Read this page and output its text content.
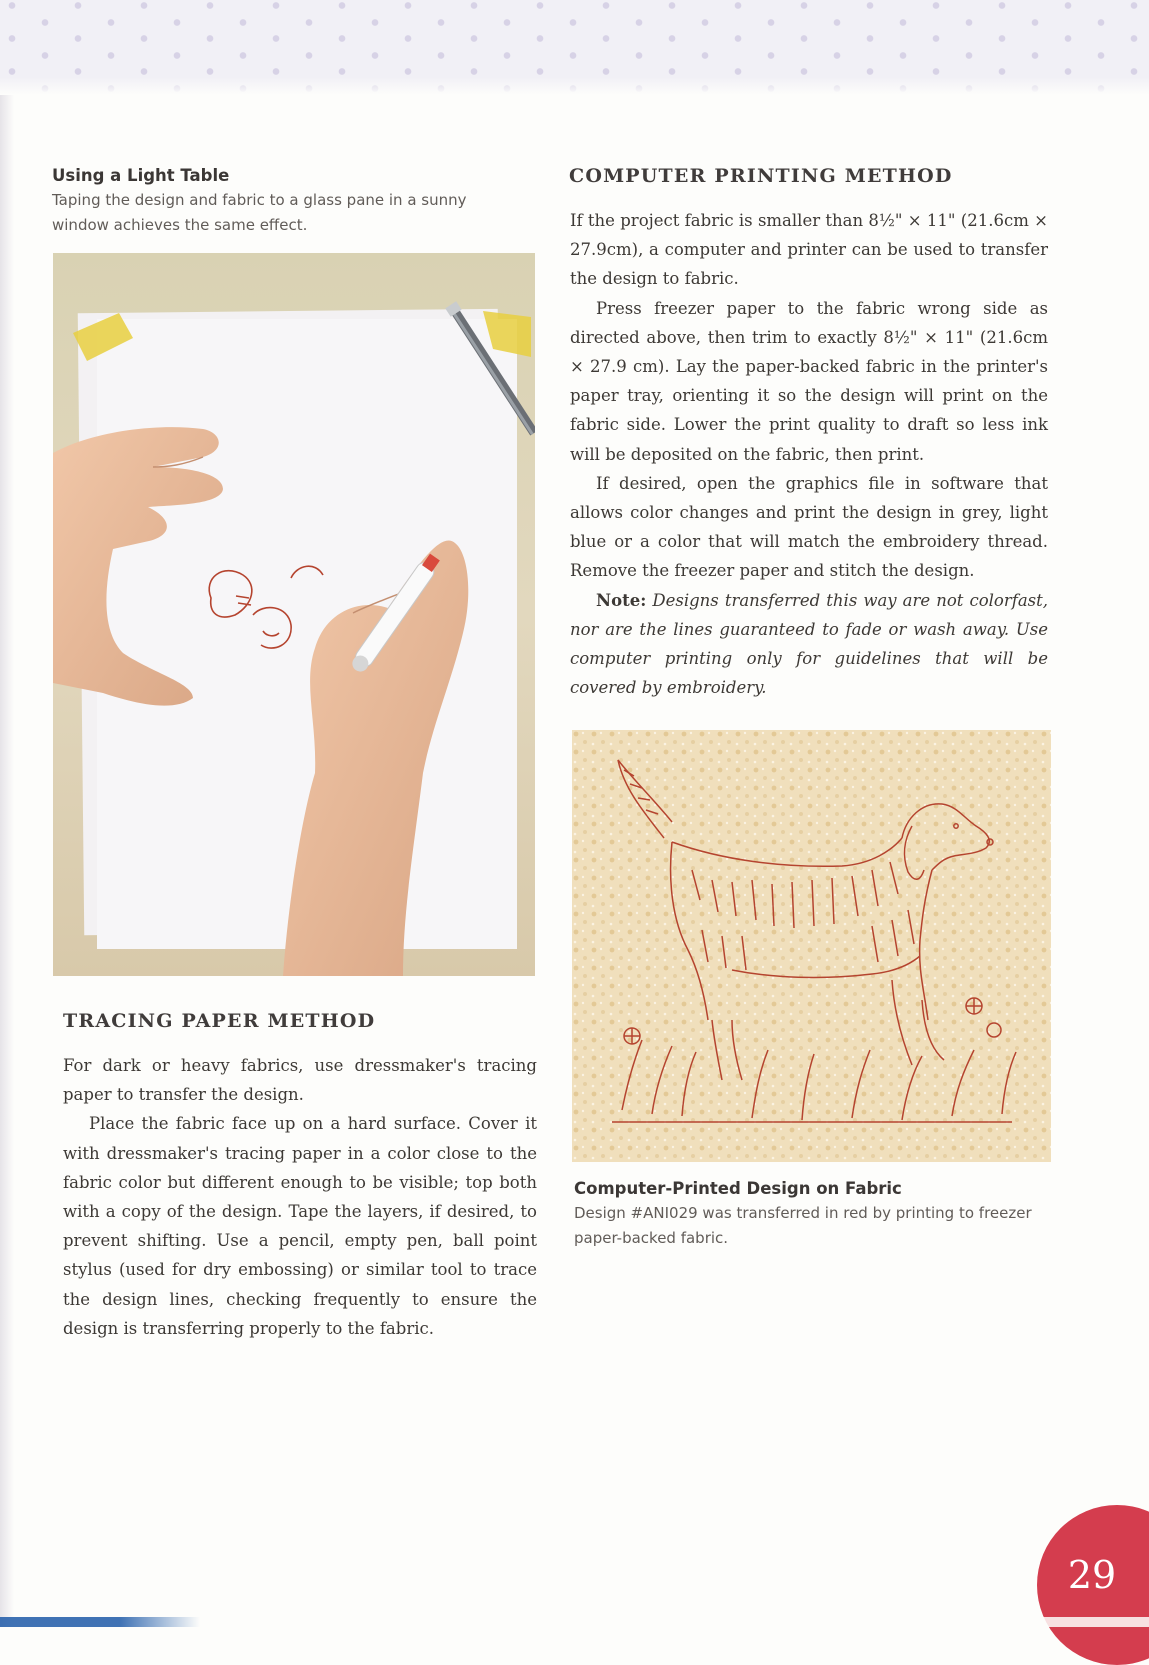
Using a Light Table

Taping the design and fabric to a glass pane in a sunny window achieves the same effect.

TRACING PAPER METHOD

For dark or heavy fabrics, use dressmaker's tracing paper to transfer the design.

Place the fabric face up on a hard surface. Cover it with dressmaker's tracing paper in a color close to the fabric color but different enough to be visible; top both with a copy of the design. Tape the layers, if desired, to prevent shifting. Use a pencil, empty pen, ball point stylus (used for dry embossing) or similar tool to trace the design lines, checking frequently to ensure the design is transferring properly to the fabric.

COMPUTER PRINTING METHOD

If the project fabric is smaller than 8½" × 11" (21.6cm × 27.9cm), a computer and printer can be used to transfer the design to fabric.

Press freezer paper to the fabric wrong side as directed above, then trim to exactly 8½" × 11" (21.6cm × 27.9 cm). Lay the paper-backed fabric in the printer's paper tray, orienting it so the design will print on the fabric side. Lower the print quality to draft so less ink will be deposited on the fabric, then print.

If desired, open the graphics file in software that allows color changes and print the design in grey, light blue or a color that will match the embroidery thread. Remove the freezer paper and stitch the design.

Note: Designs transferred this way are not colorfast, nor are the lines guaranteed to fade or wash away. Use computer printing only for guidelines that will be covered by embroidery.

Computer-Printed Design on Fabric

Design #ANI029 was transferred in red by printing to freezer paper-backed fabric.

29
